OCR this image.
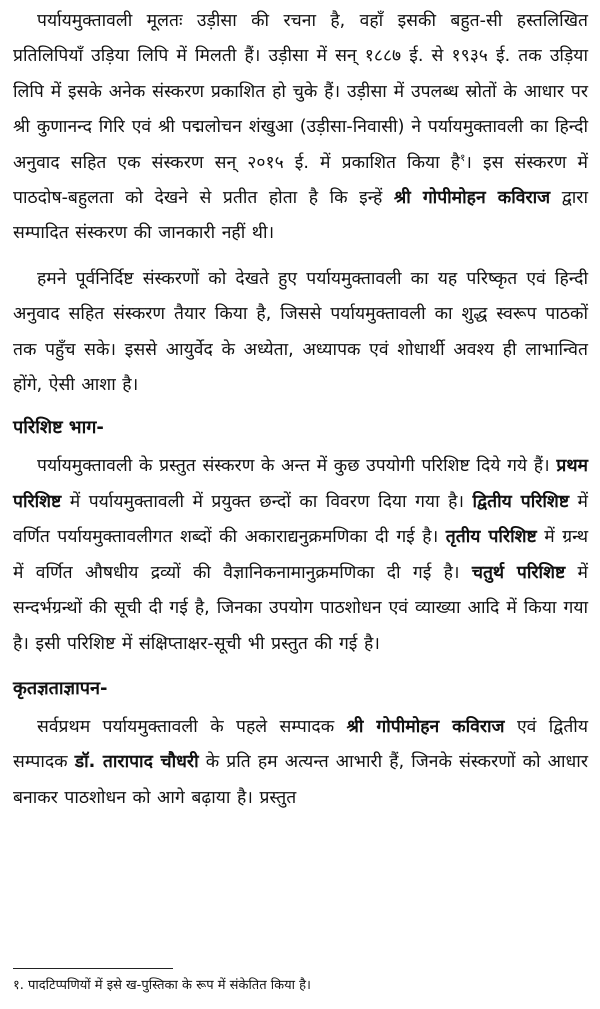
पर्यायमुक्तावली मूलतः उड़ीसा की रचना है, वहाँ इसकी बहुत-सी हस्तलिखित प्रतिलिपियाँ उड़िया लिपि में मिलती हैं। उड़ीसा में सन् १८८७ ई. से १९३५ ई. तक उड़िया लिपि में इसके अनेक संस्करण प्रकाशित हो चुके हैं। उड़ीसा में उपलब्ध स्रोतों के आधार पर श्री कुणानन्द गिरि एवं श्री पद्मलोचन शंखुआ (उड़ीसा-निवासी) ने पर्यायमुक्तावली का हिन्दी अनुवाद सहित एक संस्करण सन् २०१५ ई. में प्रकाशित किया है$^१$। इस संस्करण में पाठदोष-बहुलता को देखने से प्रतीत होता है कि इन्हें श्री गोपीमोहन कविराज द्वारा सम्पादित संस्करण की जानकारी नहीं थी।

हमने पूर्वनिर्दिष्ट संस्करणों को देखते हुए पर्यायमुक्तावली का यह परिष्कृत एवं हिन्दी अनुवाद सहित संस्करण तैयार किया है, जिससे पर्यायमुक्तावली का शुद्ध स्वरूप पाठकों तक पहुँच सके। इससे आयुर्वेद के अध्येता, अध्यापक एवं शोधार्थी अवश्य ही लाभान्वित होंगे, ऐसी आशा है।

परिशिष्ट भाग-

पर्यायमुक्तावली के प्रस्तुत संस्करण के अन्त में कुछ उपयोगी परिशिष्ट दिये गये हैं। प्रथम परिशिष्ट में पर्यायमुक्तावली में प्रयुक्त छन्दों का विवरण दिया गया है। द्वितीय परिशिष्ट में वर्णित पर्यायमुक्तावलीगत शब्दों की अकाराद्यनुक्रमणिका दी गई है। तृतीय परिशिष्ट में ग्रन्थ में वर्णित औषधीय द्रव्यों की वैज्ञानिकनामानुक्रमणिका दी गई है। चतुर्थ परिशिष्ट में सन्दर्भग्रन्थों की सूची दी गई है, जिनका उपयोग पाठशोधन एवं व्याख्या आदि में किया गया है। इसी परिशिष्ट में संक्षिप्ताक्षर-सूची भी प्रस्तुत की गई है।

कृतज्ञताज्ञापन-

सर्वप्रथम पर्यायमुक्तावली के पहले सम्पादक श्री गोपीमोहन कविराज एवं द्वितीय सम्पादक डॉ. तारापाद चौधरी के प्रति हम अत्यन्त आभारी हैं, जिनके संस्करणों को आधार बनाकर पाठशोधन को आगे बढ़ाया है। प्रस्तुत

१. पादटिप्पणियों में इसे ख-पुस्तिका के रूप में संकेतित किया है।
